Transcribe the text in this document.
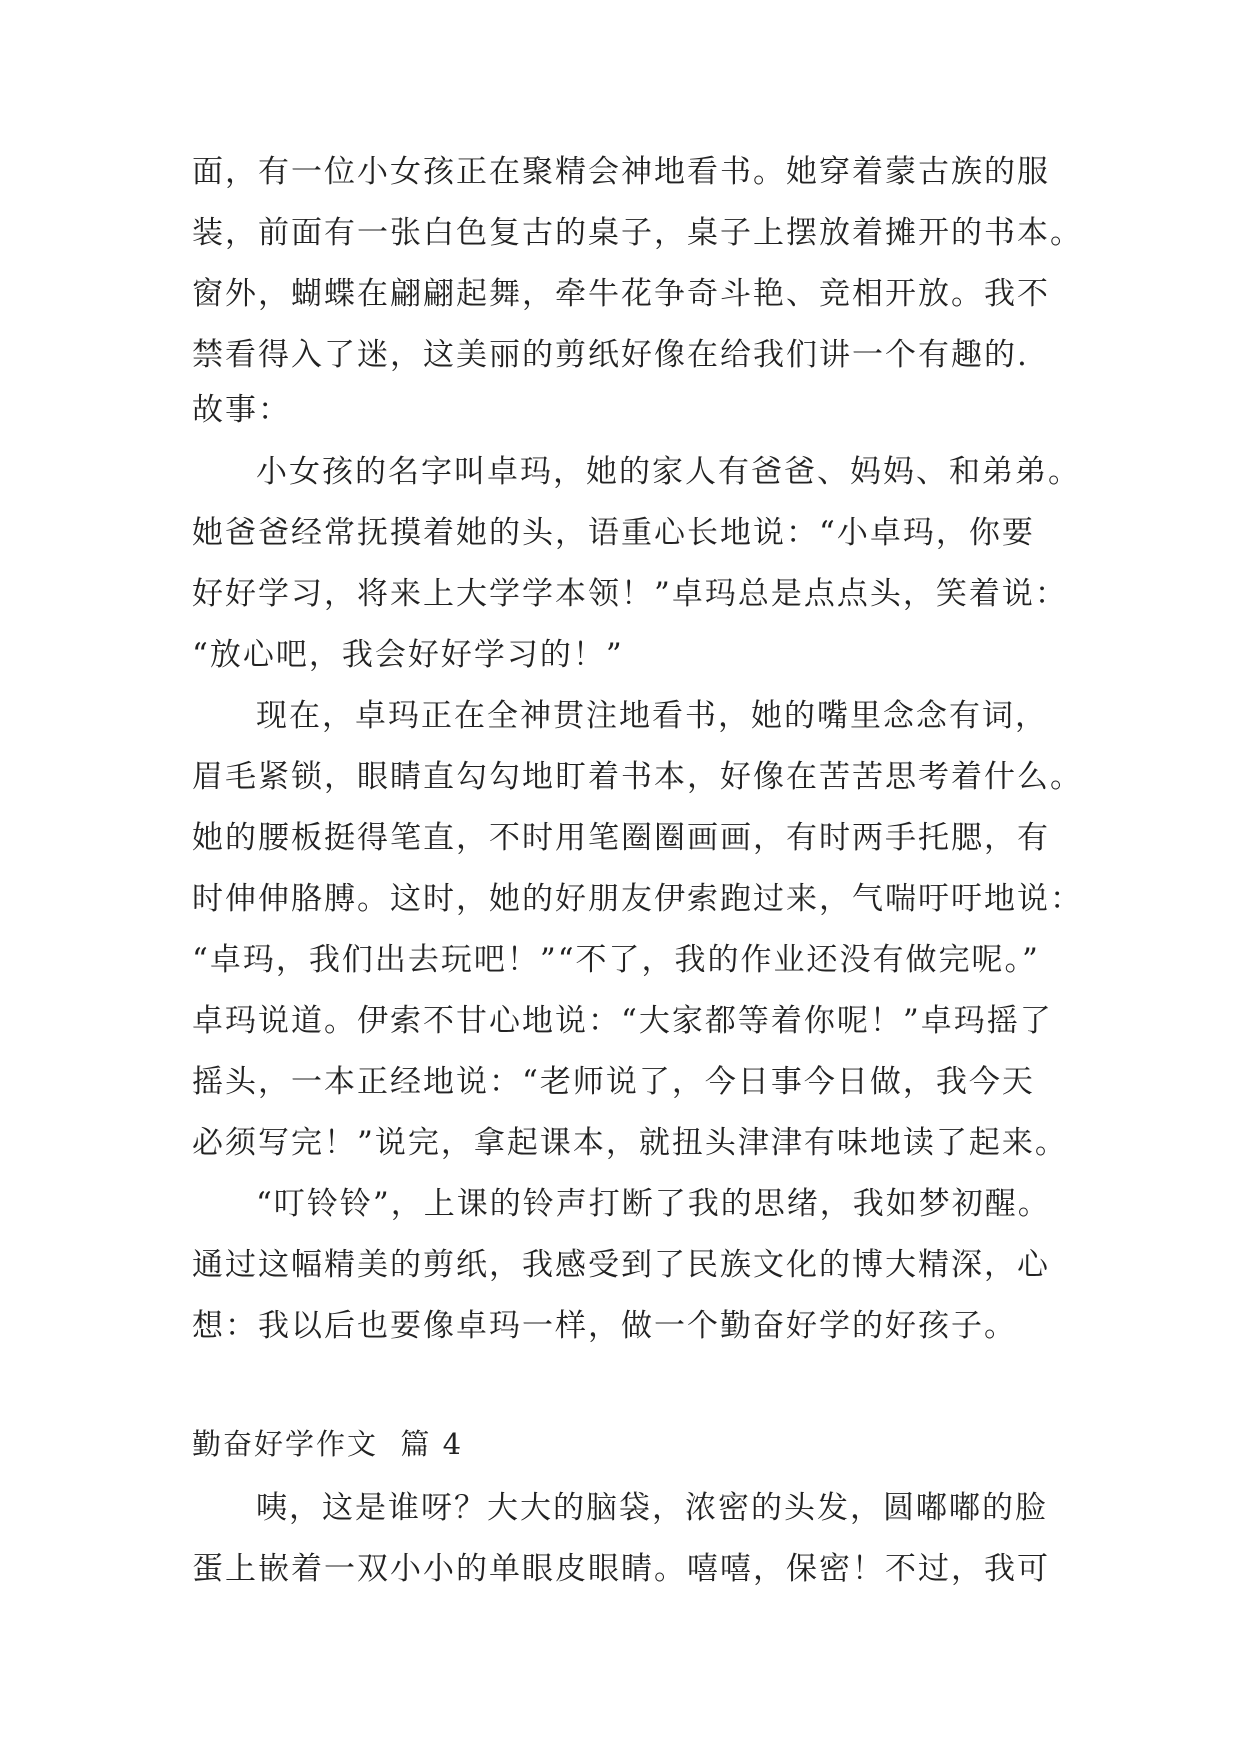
面，有一位小女孩正在聚精会神地看书。她穿着蒙古族的服
装，前面有一张白色复古的桌子，桌子上摆放着摊开的书本。
窗外，蝴蝶在翩翩起舞，牵牛花争奇斗艳、竞相开放。我不
禁看得入了迷，这美丽的剪纸好像在给我们讲一个有趣的.
故事：
小女孩的名字叫卓玛，她的家人有爸爸、妈妈、和弟弟。
她爸爸经常抚摸着她的头，语重心长地说：“小卓玛，你要
好好学习，将来上大学学本领！”卓玛总是点点头，笑着说：
“放心吧，我会好好学习的！”
现在，卓玛正在全神贯注地看书，她的嘴里念念有词，
眉毛紧锁，眼睛直勾勾地盯着书本，好像在苦苦思考着什么。
她的腰板挺得笔直，不时用笔圈圈画画，有时两手托腮，有
时伸伸胳膊。这时，她的好朋友伊索跑过来，气喘吁吁地说：
“卓玛，我们出去玩吧！”“不了，我的作业还没有做完呢。”
卓玛说道。伊索不甘心地说：“大家都等着你呢！”卓玛摇了
摇头，一本正经地说：“老师说了，今日事今日做，我今天
必须写完！”说完，拿起课本，就扭头津津有味地读了起来。
“叮铃铃”，上课的铃声打断了我的思绪，我如梦初醒。
通过这幅精美的剪纸，我感受到了民族文化的博大精深，心
想：我以后也要像卓玛一样，做一个勤奋好学的好孩子。
勤奋好学作文  篇 4
咦，这是谁呀？大大的脑袋，浓密的头发，圆嘟嘟的脸
蛋上嵌着一双小小的单眼皮眼睛。嘻嘻，保密！不过，我可
